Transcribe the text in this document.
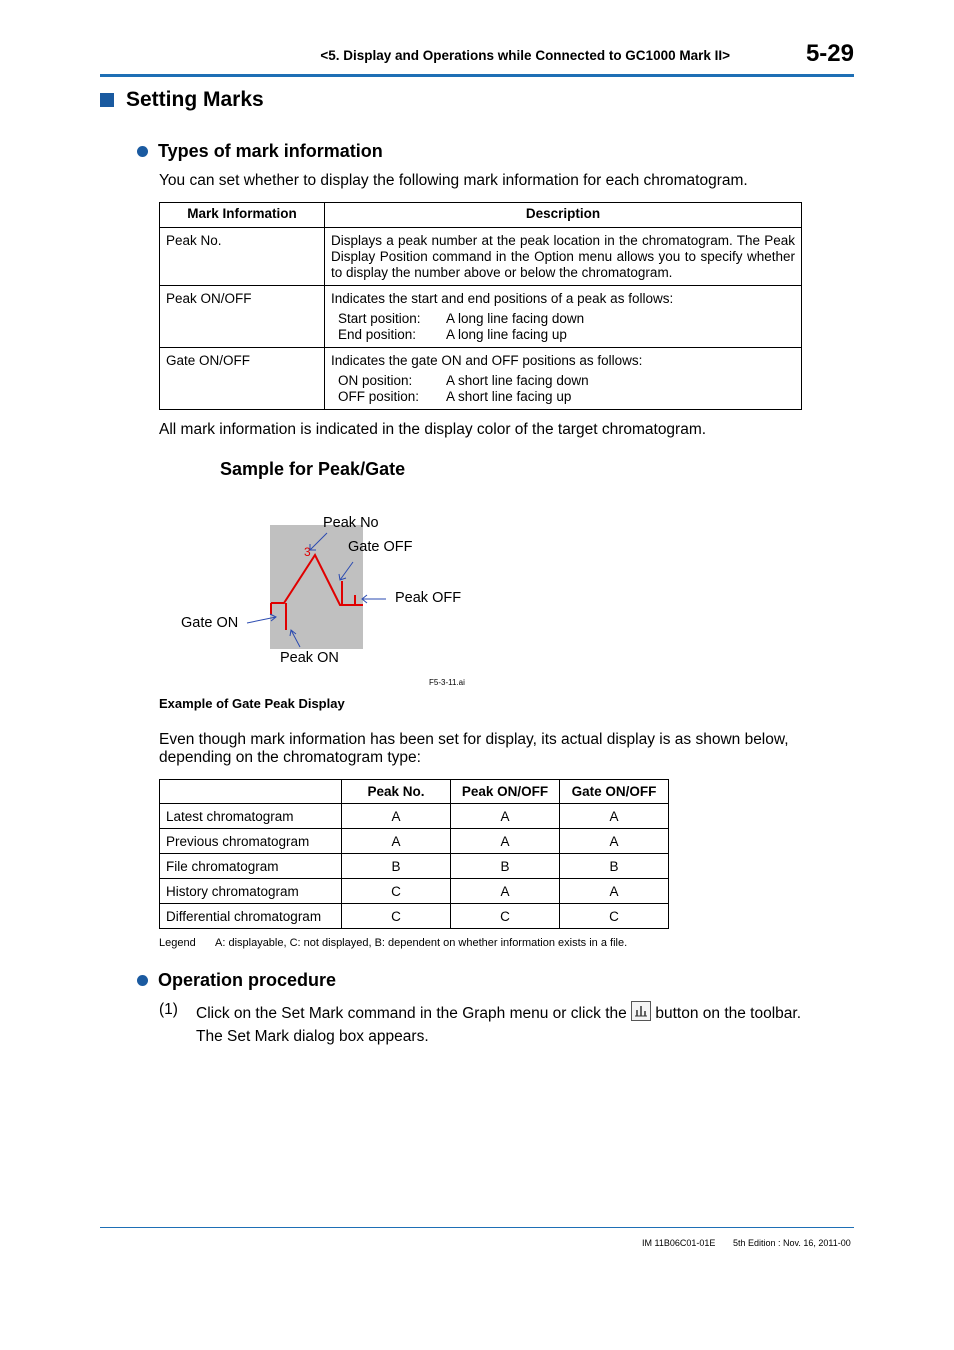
<5. Display and Operations while Connected to GC1000 Mark II>	5-29
Setting Marks
Types of mark information
You can set whether to display the following mark information for each chromatogram.
Mark Information	Description
Peak No.	Displays a peak number at the peak location in the chromatogram. The Peak Display Position command in the Option menu allows you to specify whether to display the number above or below the chromatogram.
Peak ON/OFF	Indicates the start and end positions of a peak as follows:
Start position: A long line facing down
End position: A long line facing up

Gate ON/OFF	Indicates the gate ON and OFF positions as follows:
ON position: A short line facing down
OFF position: A short line facing up
All mark information is indicated in the display color of the target chromatogram.
Sample for Peak/Gate
3
Peak No
Gate OFF
Peak OFF
Gate ON
Peak ON
F5-3-11.ai
Example of Gate Peak Display
Even though mark information has been set for display, its actual display is as shown below, depending on the chromatogram type:
	Peak No.	Peak ON/OFF	Gate ON/OFF
Latest chromatogram	A	A	A
Previous chromatogram	A	A	A
File chromatogram	B	B	B
History chromatogram	C	A	A
Differential chromatogram	C	C	C
Legend A: displayable, C: not displayed, B: dependent on whether information exists in a file.
Operation procedure
(1) Click on the Set Mark command in the Graph menu or click the button on the toolbar.
The Set Mark dialog box appears.
IM 11B06C01-01E 5th Edition : Nov. 16, 2011-00
